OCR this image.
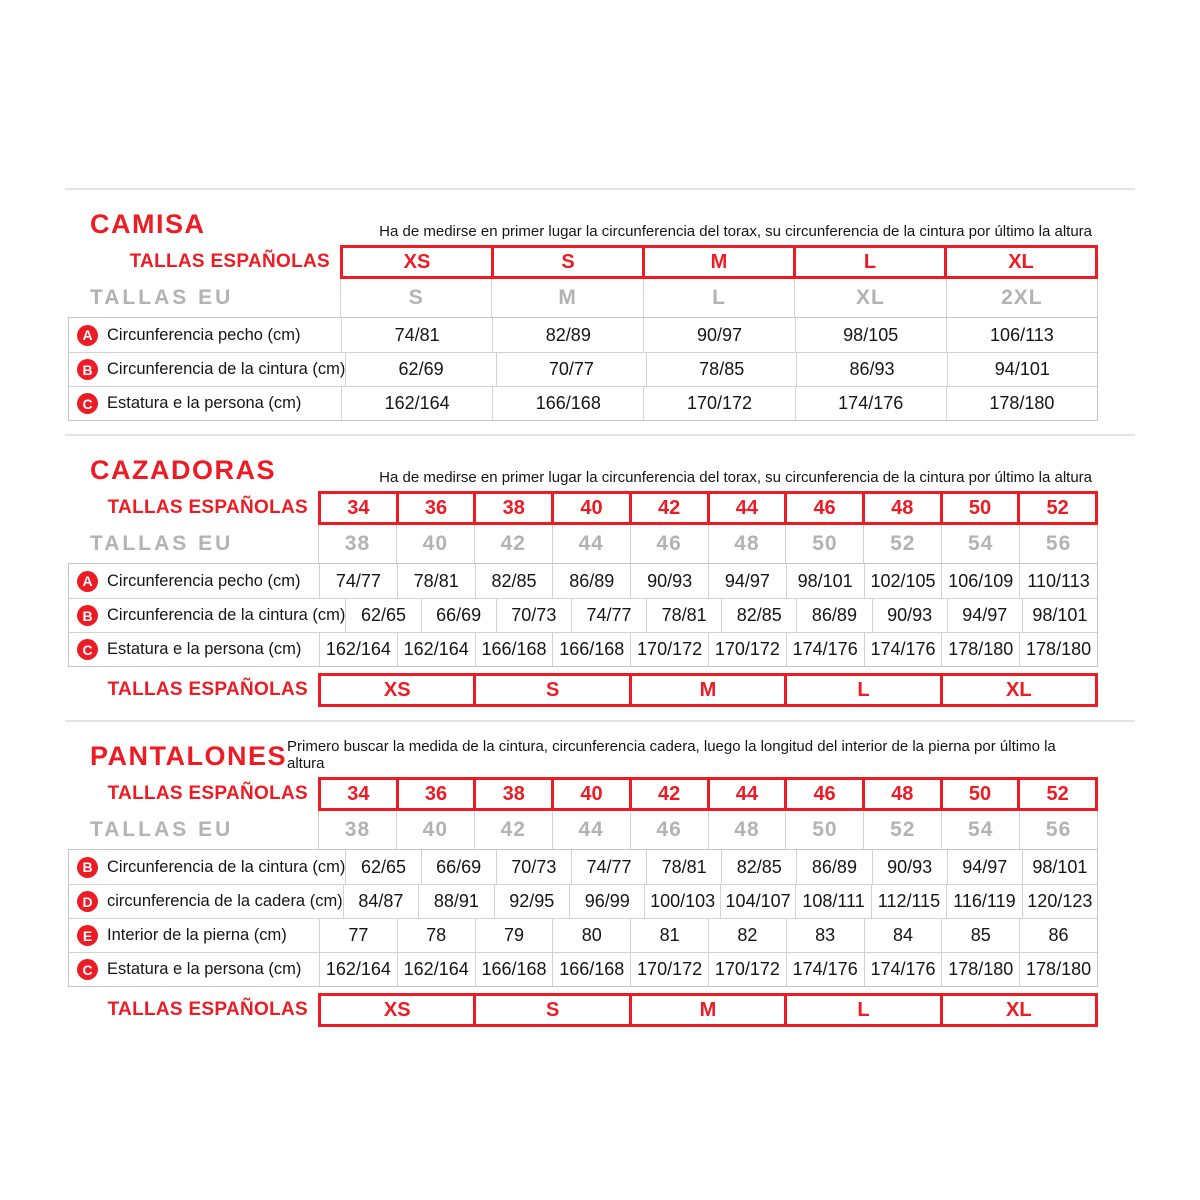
CAMISA	Ha de medirse en primer lugar la circunferencia del torax, su circunferencia de la cintura por último la altura

TALLAS ESPAÑOLAS	XS	S	M	L	XL
TALLAS EU	S	M	L	XL	2XL
A Circunferencia pecho (cm)	74/81	82/89	90/97	98/105	106/113
B Circunferencia de la cintura (cm)	62/69	70/77	78/85	86/93	94/101
C Estatura e la persona (cm)	162/164	166/168	170/172	174/176	178/180
CAZADORAS	Ha de medirse en primer lugar la circunferencia del torax, su circunferencia de la cintura por último la altura

TALLAS ESPAÑOLAS	34	36	38	40	42	44	46	48	50	52
TALLAS EU	38	40	42	44	46	48	50	52	54	56
A Circunferencia pecho (cm)	74/77	78/81	82/85	86/89	90/93	94/97	98/101 102/105 106/109 110/113
B Circunferencia de la cintura (cm) 62/65	66/69	70/73	74/77	78/81	82/85	86/89	90/93	94/97	98/101
C Estatura e la persona (cm)	162/164 162/164 166/168 166/168 170/172 170/172 174/176 174/176 178/180 178/180
TALLAS ESPAÑOLAS	XS	S	M	L	XL
PANTALONES Primero buscar la medida de la cintura, circunferencia cadera, luego la longitud del interior de la pierna por último la altura

TALLAS ESPAÑOLAS	34	36	38	40	42	44	46	48	50	52
TALLAS EU	38	40	42	44	46	48	50	52	54	56
B Circunferencia de la cintura (cm) 62/65	66/69	70/73	74/77	78/81	82/85	86/89	90/93	94/97	98/101
D circunferencia de la cadera (cm) 84/87	88/91	92/95	96/99	100/103 104/107 108/111 112/115 116/119 120/123
E Interior de la pierna (cm)	77	78	79	80	81	82	83	84	85	86
C Estatura e la persona (cm)	162/164 162/164 166/168 166/168 170/172 170/172 174/176 174/176 178/180 178/180
TALLAS ESPAÑOLAS	XS	S	M	L	XL
